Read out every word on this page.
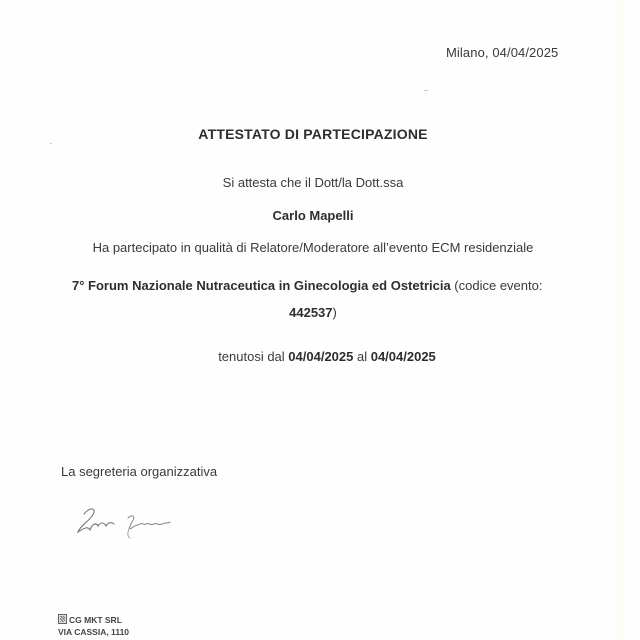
Milano, 04/04/2025
ATTESTATO DI PARTECIPAZIONE
Si attesta che il Dott/la Dott.ssa
Carlo Mapelli
Ha partecipato in qualità di Relatore/Moderatore all’evento ECM residenziale
7° Forum Nazionale Nutraceutica in Ginecologia ed Ostetricia (codice evento:
442537)
tenutosi dal 04/04/2025 al 04/04/2025
La segreteria organizzativa
CG MKT SRL
VIA CASSIA, 1110
